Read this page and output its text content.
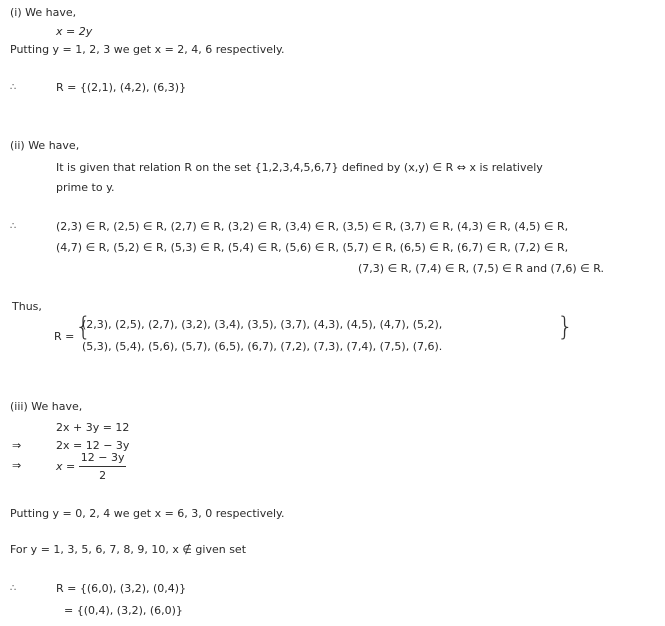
(i) We have,
x = 2y
Putting y = 1, 2, 3 we get x = 2, 4, 6 respectively.
∴	R = {(2,1), (4,2), (6,3)}
(ii) We have,
It is given that relation R on the set {1,2,3,4,5,6,7} defined by (x,y) ∈ R ⇔ x is relatively
prime to y.
∴	(2,3) ∈ R, (2,5) ∈ R, (2,7) ∈ R, (3,2) ∈ R, (3,4) ∈ R, (3,5) ∈ R, (3,7) ∈ R, (4,3) ∈ R, (4,5) ∈ R,
(4,7) ∈ R, (5,2) ∈ R, (5,3) ∈ R, (5,4) ∈ R, (5,6) ∈ R, (5,7) ∈ R, (6,5) ∈ R, (6,7) ∈ R, (7,2) ∈ R,
(7,3) ∈ R, (7,4) ∈ R, (7,5) ∈ R and (7,6) ∈ R.
Thus,
R = {
(2,3), (2,5), (2,7), (3,2), (3,4), (3,5), (3,7), (4,3), (4,5), (4,7), (5,2),
(5,3), (5,4), (5,6), (5,7), (6,5), (6,7), (7,2), (7,3), (7,4), (7,5), (7,6).
}
(iii) We have,
2x + 3y = 12
⇒	2x = 12 − 3y
⇒	$x = \frac{12 - 3y}{2}$
Putting y = 0, 2, 4 we get x = 6, 3, 0 respectively.
For y = 1, 3, 5, 6, 7, 8, 9, 10, x ∉ given set
∴	R = {(6,0), (3,2), (0,4)}
= {(0,4), (3,2), (6,0)}
